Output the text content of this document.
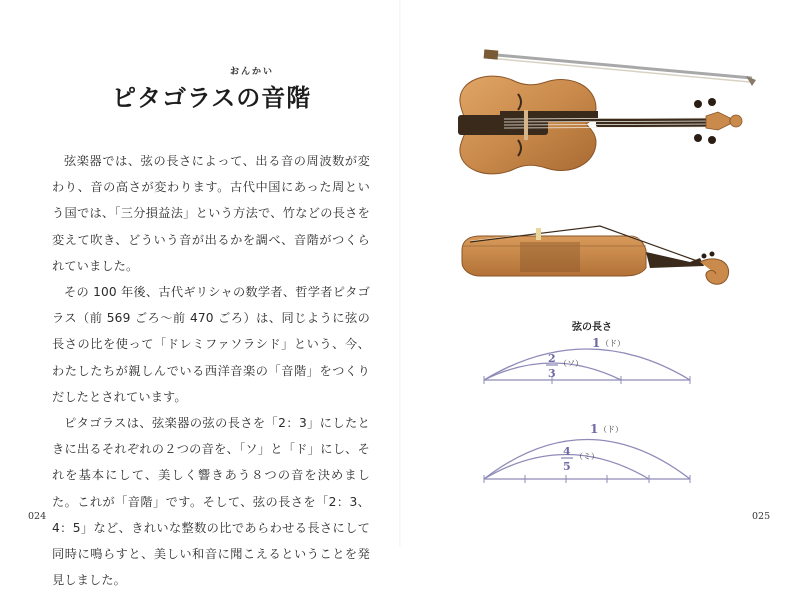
おんかい
ピタゴラスの音階

弦楽器では、弦の長さによって、出る音の周波数が変わり、音の高さが変わります。古代中国にあった周という国では、「三分損益法」という方法で、竹などの長さを変えて吹き、どういう音が出るかを調べ、音階がつくられていました。

その 100 年後、古代ギリシャの数学者、哲学者ピタゴラス（前 569 ごろ～前 470 ごろ）は、同じように弦の長さの比を使って「ドレミファソラシド」という、今、わたしたちが親しんでいる西洋音楽の「音階」をつくりだしたとされています。

ピタゴラスは、弦楽器の弦の長さを「2：3」にしたときに出るそれぞれの２つの音を、「ソ」と「ド」にし、それを基本にして、美しく響きあう８つの音を決めました。これが「音階」です。そして、弦の長さを「2：3、4：5」など、きれいな整数の比であらわせる長さにして同時に鳴らすと、美しい和音に聞こえるということを発見しました。

024
弦の長さ
1 （ド）
2
3
（ソ）
1 （ド）
4
5
（ミ）
025
